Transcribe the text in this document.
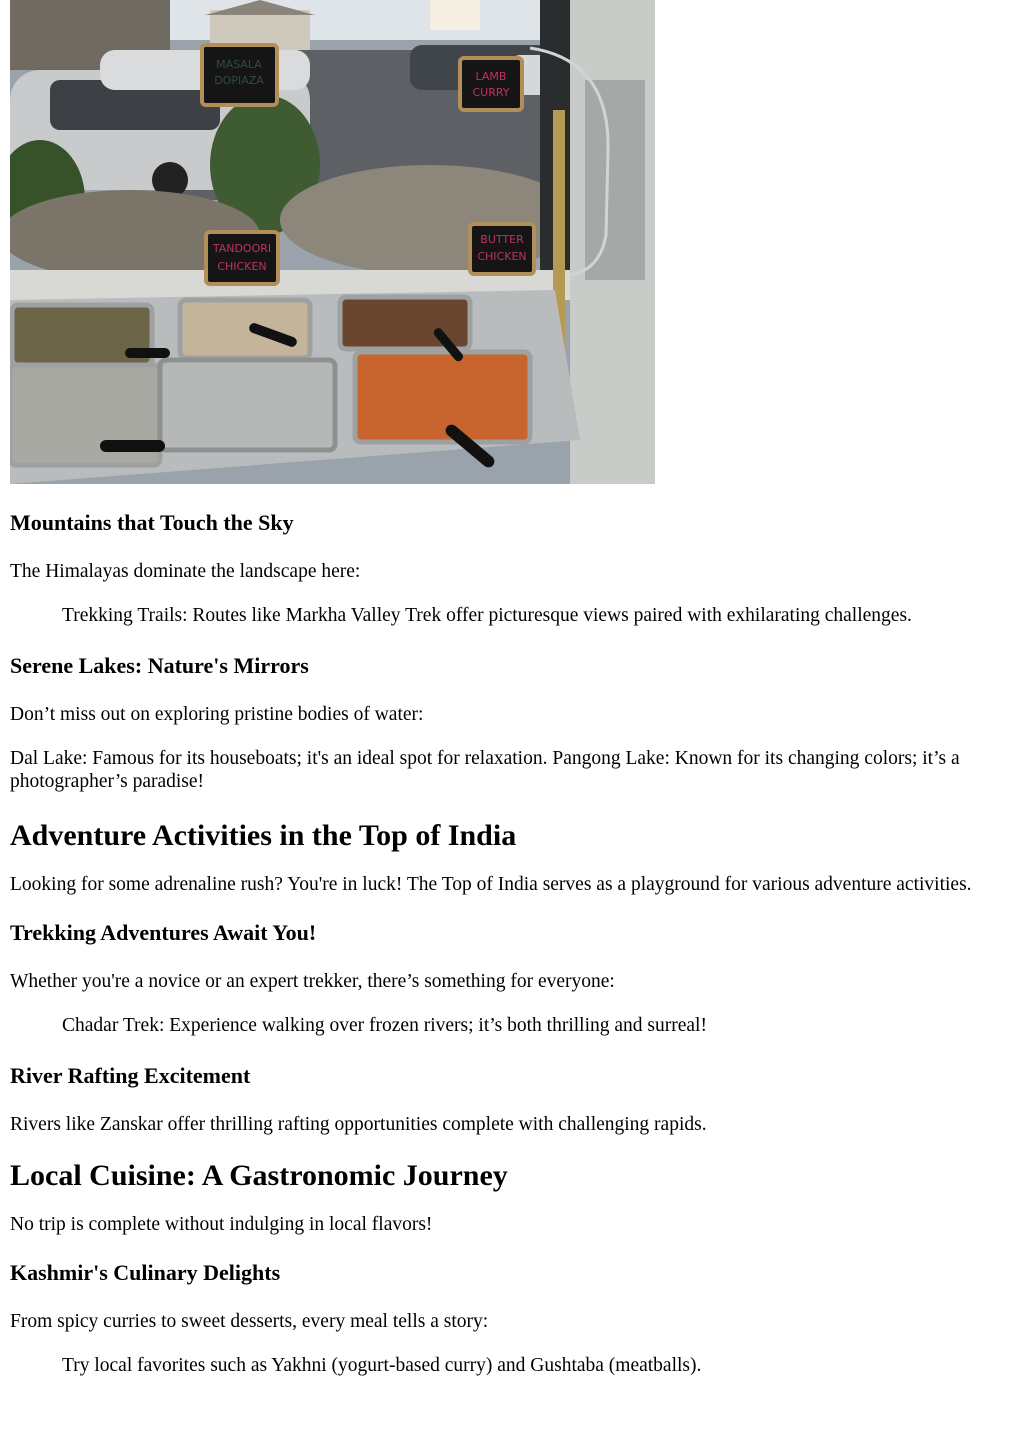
MASALA
DOPIAZA	LAMB
CURRY
TANDOORI
CHICKEN
BUTTER
CHICKEN
Mountains that Touch the Sky

The Himalayas dominate the landscape here:

Trekking Trails: Routes like Markha Valley Trek offer picturesque views paired with exhilarating challenges.
Serene Lakes: Nature's Mirrors

Don’t miss out on exploring pristine bodies of water:

Dal Lake: Famous for its houseboats; it's an ideal spot for relaxation. Pangong Lake: Known for its changing colors; it’s a photographer’s paradise!

Adventure Activities in the Top of India

Looking for some adrenaline rush? You're in luck! The Top of India serves as a playground for various adventure activities.

Trekking Adventures Await You!

Whether you're a novice or an expert trekker, there’s something for everyone:

Chadar Trek: Experience walking over frozen rivers; it’s both thrilling and surreal!
River Rafting Excitement

Rivers like Zanskar offer thrilling rafting opportunities complete with challenging rapids.

Local Cuisine: A Gastronomic Journey

No trip is complete without indulging in local flavors!

Kashmir's Culinary Delights

From spicy curries to sweet desserts, every meal tells a story:

Try local favorites such as Yakhni (yogurt-based curry) and Gushtaba (meatballs).
